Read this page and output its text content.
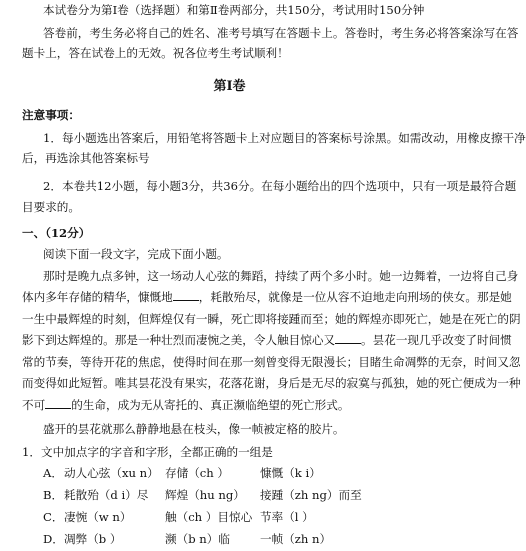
本试卷分为第Ⅰ卷（选择题）和第Ⅱ卷两部分，共150分，考试用时150分钟
答卷前，考生务必将自己的姓名、准考号填写在答题卡上。答卷时，考生务必将答案涂写在答
题卡上，答在试卷上的无效。祝各位考生考试顺利！
第Ⅰ卷
注意事项：
1．每小题选出答案后，用铅笔将答题卡上对应题目的答案标号涂黑。如需改动，用橡皮擦干净
后，再选涂其他答案标号
2．本卷共12小题，每小题3分，共36分。在每小题给出的四个选项中，只有一项是最符合题
目要求的。
一、（12分）
阅读下面一段文字，完成下面小题。
那时是晚九点多钟，这一场动人心弦的舞蹈，持续了两个多小时。她一边舞着，一边将自己身
体内多年存储的精华，慷慨地 ，耗散殆尽，就像是一位从容不迫地走向刑场的侠女。那是她
一生中最辉煌的时刻，但辉煌仅有一瞬，死亡即将接踵而至；她的辉煌亦即死亡，她是在死亡的阴
影下到达辉煌的。那是一种壮烈而凄惋之美，令人触目惊心又 。昙花一现几乎改变了时间惯
常的节奏，等待开花的焦虑，使得时间在那一刻曾变得无限漫长；目睹生命凋弊的无奈，时间又忽
而变得如此短暂。唯其昙花没有果实，花落花谢，身后是无尽的寂寞与孤独，她的死亡便成为一种
不可 的生命，成为无从寄托的、真正濒临绝望的死亡形式。
盛开的昙花就那么静静地悬在枝头，像一帧被定格的胶片。
1．文中加点字的字音和字形，全都正确的一组是
A． 动人心弦（xu n） 存储（ch ）	慷慨（k i）
B． 耗散殆（d i）尽 辉煌（hu ng） 接踵（zh ng）而至
C． 凄惋（w n）	触（ch ）目惊心 节率（l ）
D． 凋弊（b ）	濒（b n）临	一帧（zh n）
